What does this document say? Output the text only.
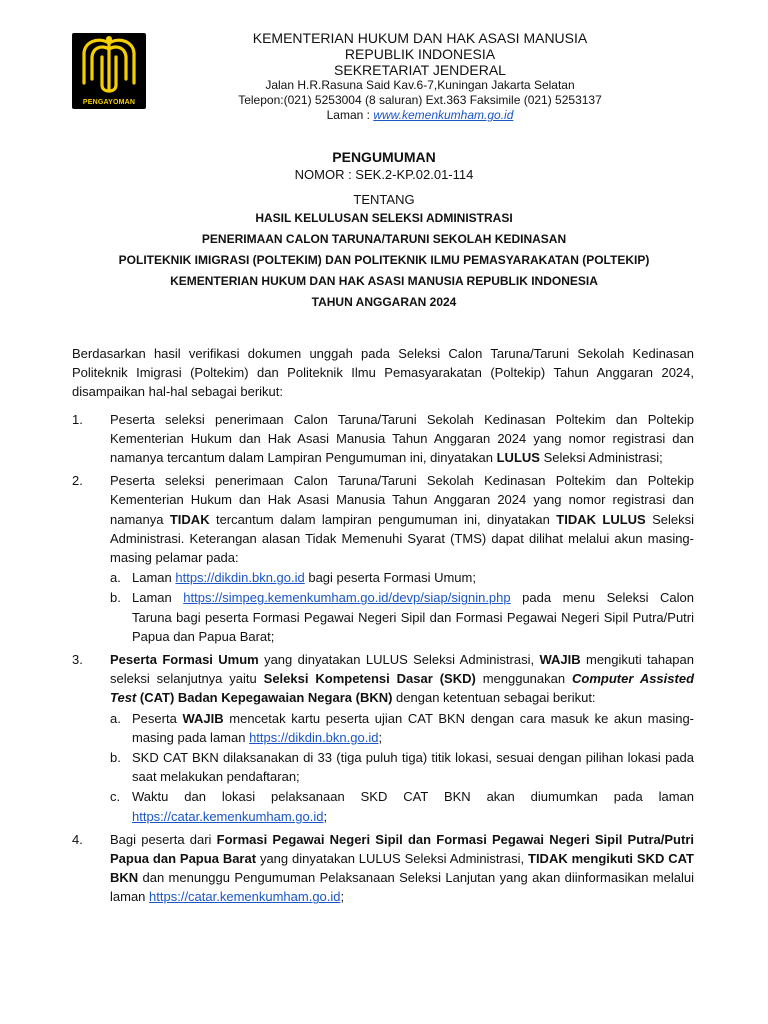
PENGAYOMAN
KEMENTERIAN HUKUM DAN HAK ASASI MANUSIA
REPUBLIK INDONESIA
SEKRETARIAT JENDERAL
Jalan H.R.Rasuna Said Kav.6-7,Kuningan Jakarta Selatan
Telepon:(021) 5253004 (8 saluran) Ext.363 Faksimile (021) 5253137
Laman : www.kemenkumham.go.id
PENGUMUMAN
NOMOR : SEK.2-KP.02.01-114
TENTANG
HASIL KELULUSAN SELEKSI ADMINISTRASI
PENERIMAAN CALON TARUNA/TARUNI SEKOLAH KEDINASAN
POLITEKNIK IMIGRASI (POLTEKIM) DAN POLITEKNIK ILMU PEMASYARAKATAN (POLTEKIP)
KEMENTERIAN HUKUM DAN HAK ASASI MANUSIA REPUBLIK INDONESIA
TAHUN ANGGARAN 2024

Berdasarkan hasil verifikasi dokumen unggah pada Seleksi Calon Taruna/Taruni Sekolah Kedinasan Politeknik Imigrasi (Poltekim) dan Politeknik Ilmu Pemasyarakatan (Poltekip) Tahun Anggaran 2024, disampaikan hal-hal sebagai berikut:

1.	Peserta seleksi penerimaan Calon Taruna/Taruni Sekolah Kedinasan Poltekim dan Poltekip Kementerian Hukum dan Hak Asasi Manusia Tahun Anggaran 2024 yang nomor registrasi dan namanya tercantum dalam Lampiran Pengumuman ini, dinyatakan LULUS Seleksi Administrasi;
2.	Peserta seleksi penerimaan Calon Taruna/Taruni Sekolah Kedinasan Poltekim dan Poltekip Kementerian Hukum dan Hak Asasi Manusia Tahun Anggaran 2024 yang nomor registrasi dan namanya TIDAK tercantum dalam lampiran pengumuman ini, dinyatakan TIDAK LULUS Seleksi Administrasi. Keterangan alasan Tidak Memenuhi Syarat (TMS) dapat dilihat melalui akun masing-masing pelamar pada:
a. Laman https://dikdin.bkn.go.id bagi peserta Formasi Umum;
b. Laman https://simpeg.kemenkumham.go.id/devp/siap/signin.php pada menu Seleksi Calon Taruna bagi peserta Formasi Pegawai Negeri Sipil dan Formasi Pegawai Negeri Sipil Putra/Putri Papua dan Papua Barat;
3.	Peserta Formasi Umum yang dinyatakan LULUS Seleksi Administrasi, WAJIB mengikuti tahapan seleksi selanjutnya yaitu Seleksi Kompetensi Dasar (SKD) menggunakan Computer Assisted Test (CAT) Badan Kepegawaian Negara (BKN) dengan ketentuan sebagai berikut:
a. Peserta WAJIB mencetak kartu peserta ujian CAT BKN dengan cara masuk ke akun masing-masing pada laman https://dikdin.bkn.go.id;
b. SKD CAT BKN dilaksanakan di 33 (tiga puluh tiga) titik lokasi, sesuai dengan pilihan lokasi pada saat melakukan pendaftaran;
c. Waktu dan lokasi pelaksanaan SKD CAT BKN akan diumumkan pada laman https://catar.kemenkumham.go.id;
4.	Bagi peserta dari Formasi Pegawai Negeri Sipil dan Formasi Pegawai Negeri Sipil Putra/Putri Papua dan Papua Barat yang dinyatakan LULUS Seleksi Administrasi, TIDAK mengikuti SKD CAT BKN dan menunggu Pengumuman Pelaksanaan Seleksi Lanjutan yang akan diinformasikan melalui laman https://catar.kemenkumham.go.id;
